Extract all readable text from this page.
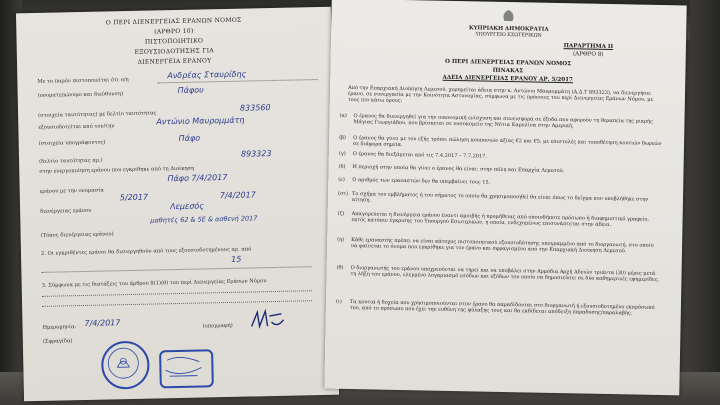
Ο ΠΕΡΙ ΔΙΕΝΕΡΓΕΙΑΣ ΕΡΑΝΩΝ ΝΟΜΟΣ
(ΑΡΘΡΟ 10)
ΠΙΣΤΟΠΟΙΗΤΙΚΟ
ΕΞΟΥΣΙΟΔΟΤΗΣΗΣ ΓΙΑ
ΔΙΕΝΕΡΓΕΙΑ ΕΡΑΝΟΥ
Με το παρόν πιστοποιείται ότι ο/η
Ανδρέας Σταυρίδης
(ονοματεπώνυμο και διεύθυνση)
Πάφου
(στοιχεία ταυτότητας) με δελτίο ταυτότητας
833560
εξουσιοδοτείται από τον/την
Αντώνιο Μαυρομμάτη
(στοιχεία υπογράφοντος)
Πάφο
(δελτίο ταυτότητας αρ.)
893323
στην ενεργοποίηση εράνου που εγκρίθηκε από τη Διοίκηση
Πάφο 7/4/2017
εράνου με την ονομασία
5/2017	7/4/2017
διενέργειας εράνου
Λεμεσός
μαθητές 62 & 5Ε & ασθενή 2017
(Τόπος διενέργειας εράνου)
2. Οι εγκριθέντες εράνοι θα διενεργηθούν από τους εξουσιοδοτημένους αρ. από
15
3. Σύμφωνα με τις διατάξεις του άρθρου 8(1)(θ) του περί Διενεργείας Εράνων Νόμου
Ημερομηνία: 7/4/2017
(Σφραγίδα)
(υπογραφή)
ΚΥΠΡΙΑΚΗ ΔΗΜΟΚΡΑΤΙΑ
ΥΠΟΥΡΓΕΙΟ ΕΣΩΤΕΡΙΚΩΝ
ΠΑΡΑΡΤΗΜΑ II
(ΑΡΘΡΟ 8)
Ο ΠΕΡΙ ΔΙΕΝΕΡΓΕΙΑΣ ΕΡΑΝΩΝ ΝΟΜΟΣ
ΠΙΝΑΚΑΣ
ΑΔΕΙΑ ΔΙΕΝΕΡΓΕΙΑΣ ΕΡΑΝΟΥ ΑΡ. 5/2017
Από την Επαρχιακή Διοίκηση Λεμεσού, χορηγείται άδεια στην κ. Αντώνιο Μαυρομμάτη (Α.Δ.Τ 893323), να διενεργήσει έρανο, σε συνεργασία με την Κοινότητα Αστυνομίας, σύμφωνα με τις πρόνοιες του περί Διενεργείας Εράνων Νόμου, με τους πιο κάτω όρους:
(α) Ο έρανος θα διενεργηθεί για την οικονομική ενίσχυση και συνεισφορά σε έξοδα που αφορούν τη θεραπεία της μικρής Μάγιας Γεωργιάδου, που βρίσκεται σε νοσοκομείο της Νότια Καρολίνα στην Αμερική.
(β) Ο έρανος θα γίνει με τον εξής τρόπο: πώληση κουπονιών αξίας €2 και €5, με επιστολές και τοποθέτηση κουτιών δωρεών σε διάφορα σημεία.
(γ) Ο έρανος θα διεξάγεται από τις 7.4.2017 – 7.7.2017.
(δ) Η περιοχή στην οποία θα γίνει ο έρανος θα είναι: στην πόλη και Επαρχία Λεμεσού.
(ε) Ο αριθμός των εραναστών δεν θα υπερβαίνει τους 15.
(στ) Το σχήμα του εμβλήματος ή του σήματος το οποίο θα χρησιμοποιηθεί θα είναι όπως το δείγμα που υποβλήθηκε στην αίτηση.
(ζ) Απαγορεύεται η διενέργεια εράνου έναντι αμοιβής ή προμήθειας από οποιοδήποτε πρόσωπο ή διαφημιστικό γραφείο, εκτός κατόπιν έγκρισης του Υπουργού Εσωτερικών, η οποία, ενδεχομένως επισυνάπτεται στην άδεια.
(η) Κάθε εραναστής πρέπει να είναι κάτοχος πιστοποιητικού εξουσιοδότησης υπογραμμένο από το διοργανωτή, στο οποίο να φαίνεται το όνομα που εγκρίθηκε για τον έρανο και σφραγισμένο από την Επαρχιακή Διοίκηση Λεμεσού.
(θ) Ο διοργανωτής του εράνου υποχρεούνται να τηρεί και να υποβάλει στην Αρμόδια Αρχή Αδειών τριάντα (30) μέρες μετά τη λήξη του εράνου, ελεγμένο λογαριασμό εσόδων και εξόδων τον οποίο να δημοσιεύσει σε δύο καθημερινές εφημερίδες.
(ι) Τα κουτιά ή δοχεία που χρησιμοποιούνται στον έρανο θα παραδίδονται στο διοργανωτή ή εξουσιοδοτημένο εκπρόσωπό του, από το πρόσωπο που έχει την ευθύνη της φύλαξης τους και θα εκδίδεται απόδειξη παραδοσης/παραλαβής.
